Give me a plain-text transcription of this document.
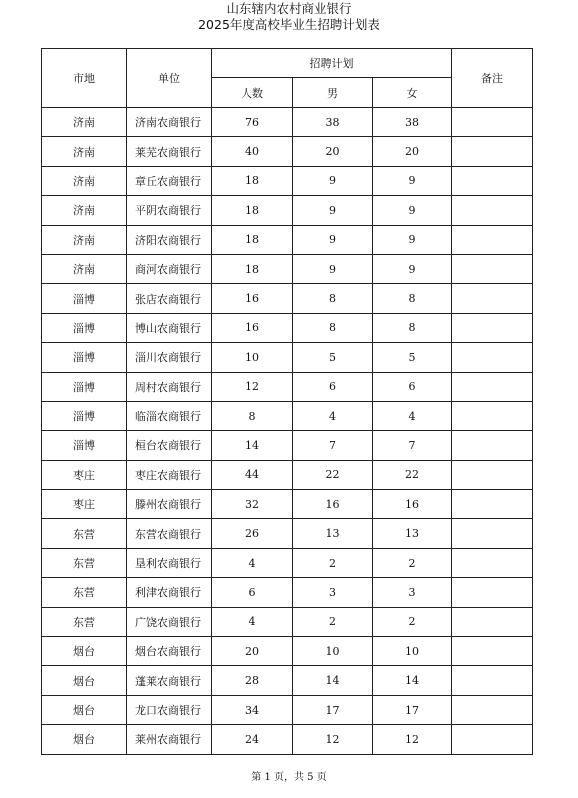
山东辖内农村商业银行
2025年度高校毕业生招聘计划表
市地	单位	招聘计划			备注
		人数	男	女	
济南	济南农商银行	76	38	38	
济南	莱芜农商银行	40	20	20	
济南	章丘农商银行	18	9	9	
济南	平阴农商银行	18	9	9	
济南	济阳农商银行	18	9	9	
济南	商河农商银行	18	9	9	
淄博	张店农商银行	16	8	8	
淄博	博山农商银行	16	8	8	
淄博	淄川农商银行	10	5	5	
淄博	周村农商银行	12	6	6	
淄博	临淄农商银行	8	4	4	
淄博	桓台农商银行	14	7	7	
枣庄	枣庄农商银行	44	22	22	
枣庄	滕州农商银行	32	16	16	
东营	东营农商银行	26	13	13	
东营	垦利农商银行	4	2	2	
东营	利津农商银行	6	3	3	
东营	广饶农商银行	4	2	2	
烟台	烟台农商银行	20	10	10	
烟台	蓬莱农商银行	28	14	14	
烟台	龙口农商银行	34	17	17	
烟台	莱州农商银行	24	12	12	
第 1 页，共 5 页
